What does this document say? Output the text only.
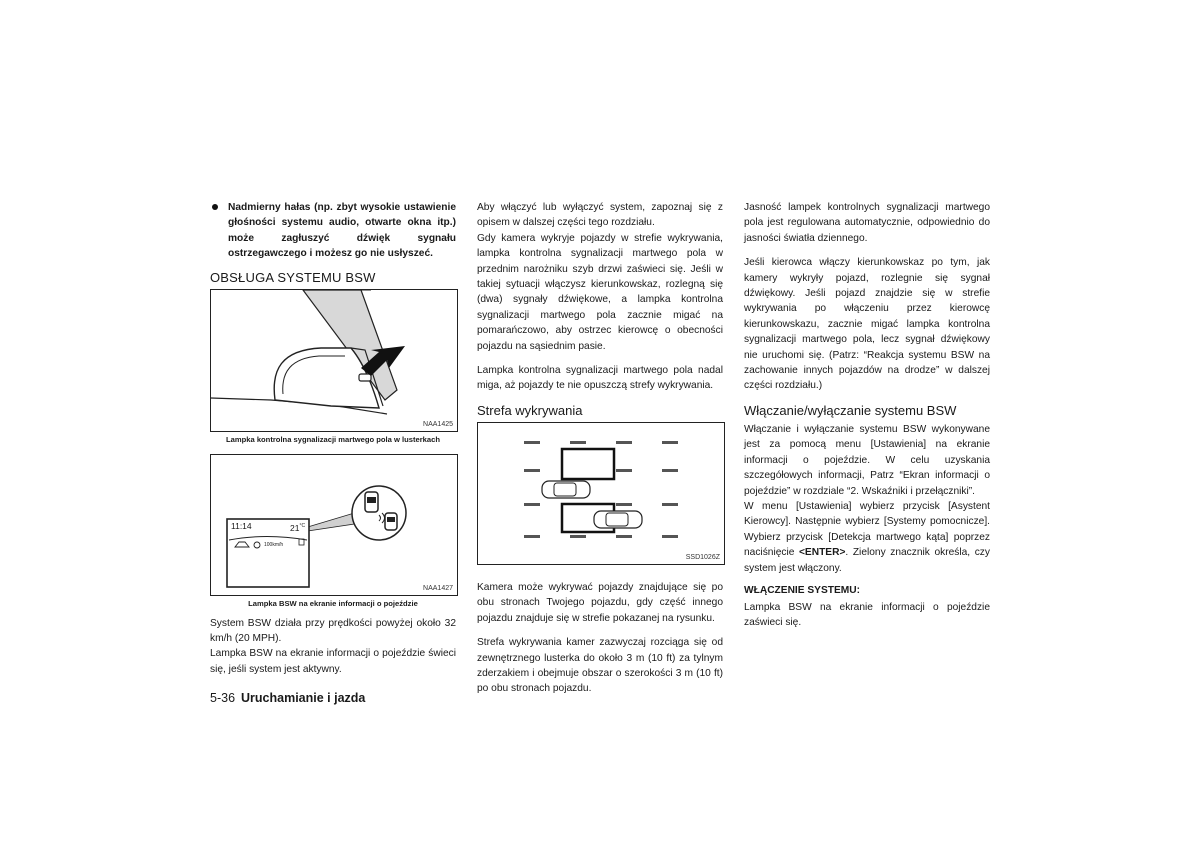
Nadmierny hałas (np. zbyt wysokie ustawienie głośności systemu audio, otwarte okna itp.) może zagłuszyć dźwięk sygnału ostrzegawczego i możesz go nie usłyszeć.

OBSŁUGA SYSTEMU BSW
NAA1425
Lampka kontrolna sygnalizacji martwego pola w lusterkach
11:14	$21^{^\circ C}$
100km/h
NAA1427
Lampka BSW na ekranie informacji o pojeździe

System BSW działa przy prędkości powyżej około 32 km/h (20 MPH).

Lampka BSW na ekranie informacji o pojeździe świeci się, jeśli system jest aktywny.

Aby włączyć lub wyłączyć system, zapoznaj się z opisem w dalszej części tego rozdziału.

Gdy kamera wykryje pojazdy w strefie wykrywania, lampka kontrolna sygnalizacji martwego pola w przednim narożniku szyb drzwi zaświeci się. Jeśli w takiej sytuacji włączysz kierunkowskaz, rozlegną się (dwa) sygnały dźwiękowe, a lampka kontrolna sygnalizacji martwego pola zacznie migać na pomarańczowo, aby ostrzec kierowcę o obecności pojazdu na sąsiednim pasie.

Lampka kontrolna sygnalizacji martwego pola nadal miga, aż pojazdy te nie opuszczą strefy wykrywania.

Strefa wykrywania
SSD1026Z

Kamera może wykrywać pojazdy znajdujące się po obu stronach Twojego pojazdu, gdy część innego pojazdu znajduje się w strefie pokazanej na rysunku.

Strefa wykrywania kamer zazwyczaj rozciąga się od zewnętrznego lusterka do około 3 m (10 ft) za tylnym zderzakiem i obejmuje obszar o szerokości 3 m (10 ft) po obu stronach pojazdu.

Jasność lampek kontrolnych sygnalizacji martwego pola jest regulowana automatycznie, odpowiednio do jasności światła dziennego.

Jeśli kierowca włączy kierunkowskaz po tym, jak kamery wykryły pojazd, rozlegnie się sygnał dźwiękowy. Jeśli pojazd znajdzie się w strefie wykrywania po włączeniu przez kierowcę kierunkowskazu, zacznie migać lampka kontrolna sygnalizacji martwego pola, lecz sygnał dźwiękowy nie uruchomi się. (Patrz: “Reakcja systemu BSW na zachowanie innych pojazdów na drodze” w dalszej części rozdziału.)

Włączanie/wyłączanie systemu BSW

Włączanie i wyłączanie systemu BSW wykonywane jest za pomocą menu [Ustawienia] na ekranie informacji o pojeździe. W celu uzyskania szczegółowych informacji, Patrz “Ekran informacji o pojeździe” w rozdziale “2. Wskaźniki i przełączniki”.

W menu [Ustawienia] wybierz przycisk [Asystent Kierowcy]. Następnie wybierz [Systemy pomocnicze]. Wybierz przycisk [Detekcja martwego kąta] poprzez naciśnięcie <ENTER>. Zielony znacznik określa, czy system jest włączony.

WŁĄCZENIE SYSTEMU:

Lampka BSW na ekranie informacji o pojeździe zaświeci się.

5-36 Uruchamianie i jazda
